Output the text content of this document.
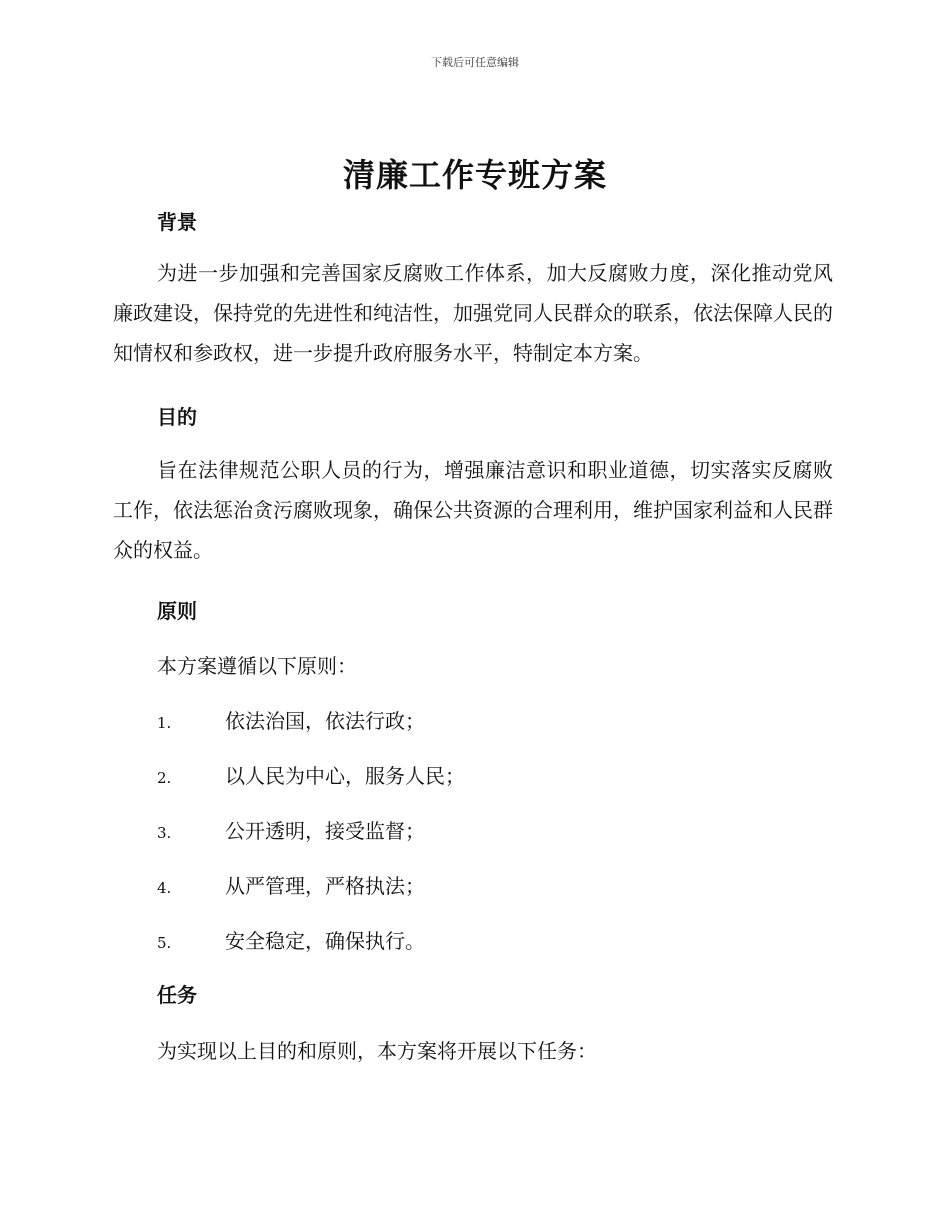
下载后可任意编辑
清廉工作专班方案
背景
为进一步加强和完善国家反腐败工作体系，加大反腐败力度，深化推动党风廉政建设，保持党的先进性和纯洁性，加强党同人民群众的联系，依法保障人民的知情权和参政权，进一步提升政府服务水平，特制定本方案。
目的
旨在法律规范公职人员的行为，增强廉洁意识和职业道德，切实落实反腐败工作，依法惩治贪污腐败现象，确保公共资源的合理利用，维护国家利益和人民群众的权益。
原则
本方案遵循以下原则：
1.	依法治国，依法行政；
2.	以人民为中心，服务人民；
3.	公开透明，接受监督；
4.	从严管理，严格执法；
5.	安全稳定，确保执行。
任务
为实现以上目的和原则，本方案将开展以下任务：
